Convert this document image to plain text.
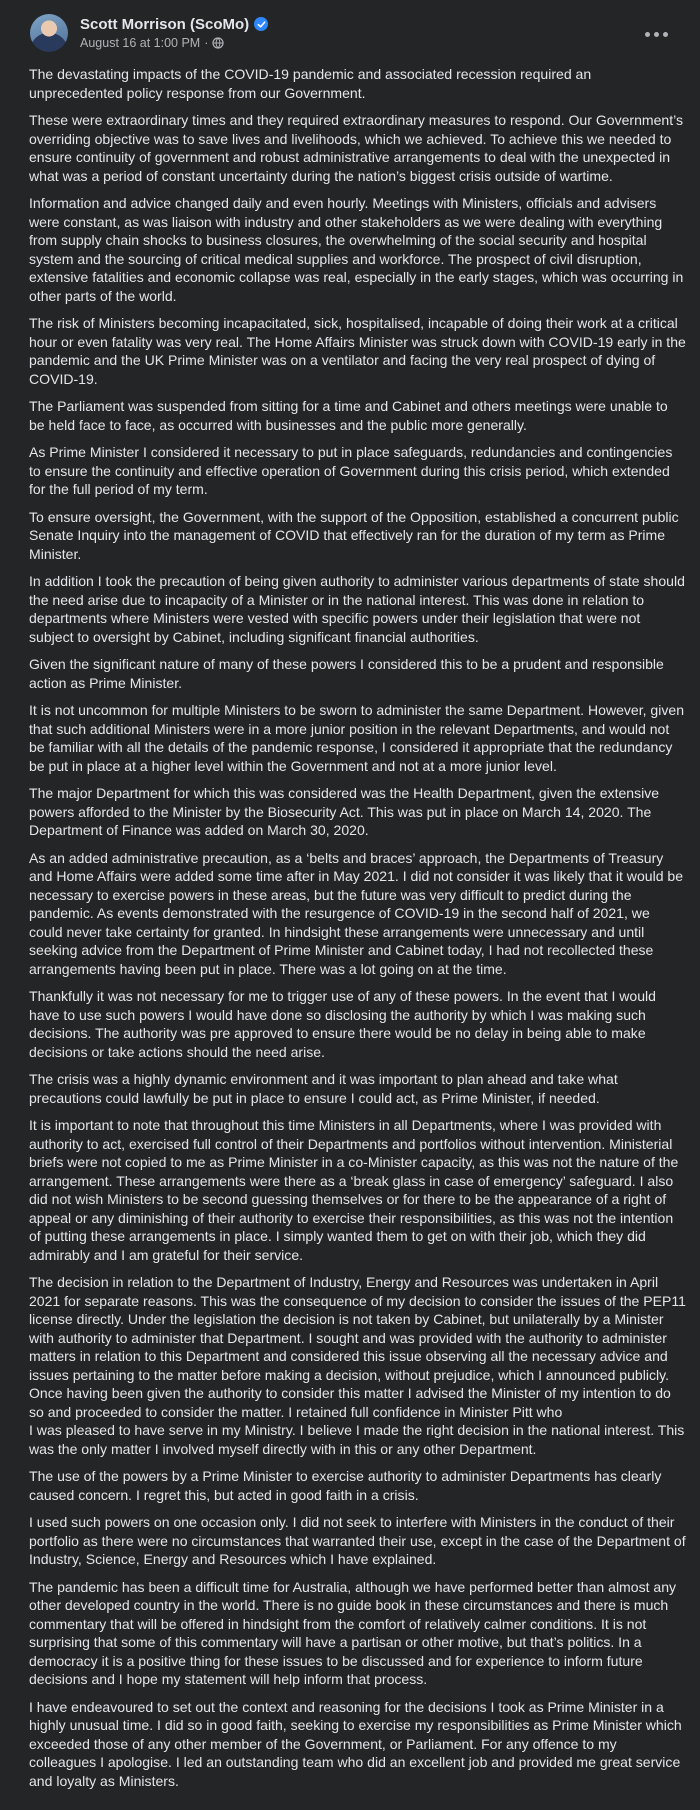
Scott Morrison (ScoMo)
August 16 at 1:00 PM ·

The devastating impacts of the COVID-19 pandemic and associated recession required an unprecedented policy response from our Government.

These were extraordinary times and they required extraordinary measures to respond. Our Government’s overriding objective was to save lives and livelihoods, which we achieved. To achieve this we needed to ensure continuity of government and robust administrative arrangements to deal with the unexpected in what was a period of constant uncertainty during the nation’s biggest crisis outside of wartime.

Information and advice changed daily and even hourly. Meetings with Ministers, officials and advisers were constant, as was liaison with industry and other stakeholders as we were dealing with everything from supply chain shocks to business closures, the overwhelming of the social security and hospital system and the sourcing of critical medical supplies and workforce. The prospect of civil disruption, extensive fatalities and economic collapse was real, especially in the early stages, which was occurring in other parts of the world.

The risk of Ministers becoming incapacitated, sick, hospitalised, incapable of doing their work at a critical hour or even fatality was very real. The Home Affairs Minister was struck down with COVID-19 early in the pandemic and the UK Prime Minister was on a ventilator and facing the very real prospect of dying of COVID-19.

The Parliament was suspended from sitting for a time and Cabinet and others meetings were unable to be held face to face, as occurred with businesses and the public more generally.

As Prime Minister I considered it necessary to put in place safeguards, redundancies and contingencies to ensure the continuity and effective operation of Government during this crisis period, which extended for the full period of my term.

To ensure oversight, the Government, with the support of the Opposition, established a concurrent public Senate Inquiry into the management of COVID that effectively ran for the duration of my term as Prime Minister.

In addition I took the precaution of being given authority to administer various departments of state should the need arise due to incapacity of a Minister or in the national interest. This was done in relation to departments where Ministers were vested with specific powers under their legislation that were not subject to oversight by Cabinet, including significant financial authorities.

Given the significant nature of many of these powers I considered this to be a prudent and responsible action as Prime Minister.

It is not uncommon for multiple Ministers to be sworn to administer the same Department. However, given that such additional Ministers were in a more junior position in the relevant Departments, and would not be familiar with all the details of the pandemic response, I considered it appropriate that the redundancy be put in place at a higher level within the Government and not at a more junior level.

The major Department for which this was considered was the Health Department, given the extensive powers afforded to the Minister by the Biosecurity Act. This was put in place on March 14, 2020. The Department of Finance was added on March 30, 2020.

As an added administrative precaution, as a ‘belts and braces’ approach, the Departments of Treasury and Home Affairs were added some time after in May 2021. I did not consider it was likely that it would be necessary to exercise powers in these areas, but the future was very difficult to predict during the pandemic. As events demonstrated with the resurgence of COVID-19 in the second half of 2021, we could never take certainty for granted. In hindsight these arrangements were unnecessary and until seeking advice from the Department of Prime Minister and Cabinet today, I had not recollected these arrangements having been put in place. There was a lot going on at the time.

Thankfully it was not necessary for me to trigger use of any of these powers. In the event that I would have to use such powers I would have done so disclosing the authority by which I was making such decisions. The authority was pre approved to ensure there would be no delay in being able to make decisions or take actions should the need arise.

The crisis was a highly dynamic environment and it was important to plan ahead and take what precautions could lawfully be put in place to ensure I could act, as Prime Minister, if needed.

It is important to note that throughout this time Ministers in all Departments, where I was provided with authority to act, exercised full control of their Departments and portfolios without intervention. Ministerial briefs were not copied to me as Prime Minister in a co-Minister capacity, as this was not the nature of the arrangement. These arrangements were there as a ‘break glass in case of emergency’ safeguard. I also did not wish Ministers to be second guessing themselves or for there to be the appearance of a right of appeal or any diminishing of their authority to exercise their responsibilities, as this was not the intention of putting these arrangements in place. I simply wanted them to get on with their job, which they did admirably and I am grateful for their service.

The decision in relation to the Department of Industry, Energy and Resources was undertaken in April 2021 for separate reasons. This was the consequence of my decision to consider the issues of the PEP11 license directly. Under the legislation the decision is not taken by Cabinet, but unilaterally by a Minister with authority to administer that Department. I sought and was provided with the authority to administer matters in relation to this Department and considered this issue observing all the necessary advice and issues pertaining to the matter before making a decision, without prejudice, which I announced publicly. Once having been given the authority to consider this matter I advised the Minister of my intention to do so and proceeded to consider the matter. I retained full confidence in Minister Pitt who
I was pleased to have serve in my Ministry. I believe I made the right decision in the national interest. This was the only matter I involved myself directly with in this or any other Department.

The use of the powers by a Prime Minister to exercise authority to administer Departments has clearly caused concern. I regret this, but acted in good faith in a crisis.

I used such powers on one occasion only. I did not seek to interfere with Ministers in the conduct of their portfolio as there were no circumstances that warranted their use, except in the case of the Department of Industry, Science, Energy and Resources which I have explained.

The pandemic has been a difficult time for Australia, although we have performed better than almost any other developed country in the world. There is no guide book in these circumstances and there is much commentary that will be offered in hindsight from the comfort of relatively calmer conditions. It is not surprising that some of this commentary will have a partisan or other motive, but that’s politics. In a democracy it is a positive thing for these issues to be discussed and for experience to inform future decisions and I hope my statement will help inform that process.

I have endeavoured to set out the context and reasoning for the decisions I took as Prime Minister in a highly unusual time. I did so in good faith, seeking to exercise my responsibilities as Prime Minister which exceeded those of any other member of the Government, or Parliament. For any offence to my colleagues I apologise. I led an outstanding team who did an excellent job and provided me great service and loyalty as Ministers.
